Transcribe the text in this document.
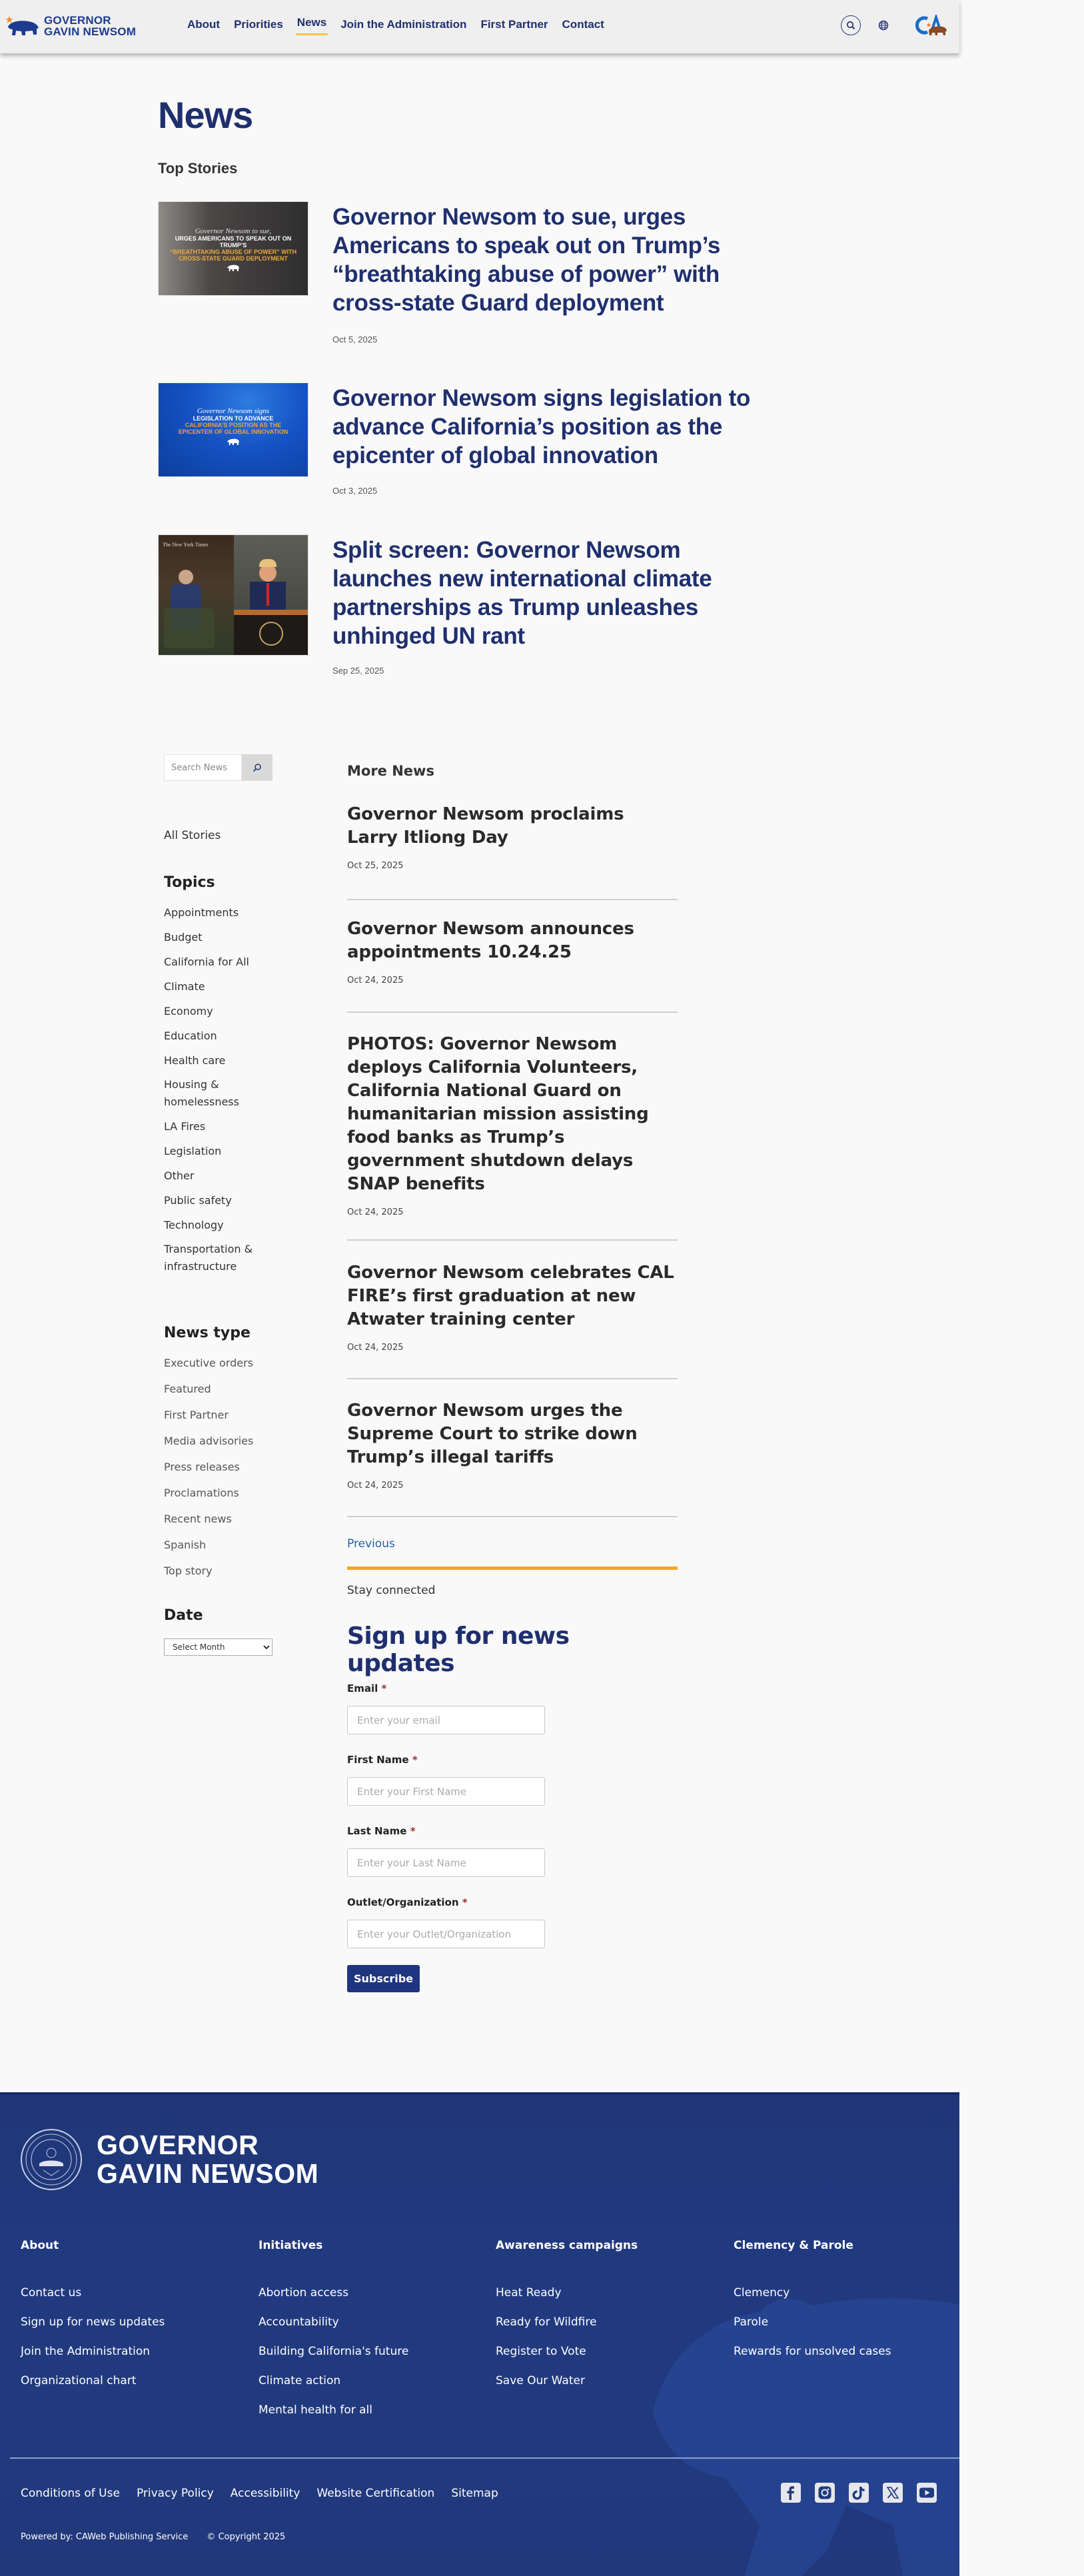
GOVERNOR
GAVIN NEWSOM
About Priorities News Join the Administration First Partner Contact
News
Top Stories
Governor Newsom to sue,
URGES AMERICANS TO SPEAK OUT ON TRUMP’S
“BREATHTAKING ABUSE OF POWER” WITH CROSS-STATE GUARD DEPLOYMENT
Governor Newsom to sue, urges Americans to speak out on Trump’s “breathtaking abuse of power” with cross-state Guard deployment
Oct 5, 2025
Governor Newsom signs
LEGISLATION TO ADVANCE
CALIFORNIA’S POSITION AS THE EPICENTER OF GLOBAL INNOVATION
Governor Newsom signs legislation to advance California’s position as the epicenter of global innovation
Oct 3, 2025
The New York Times	Split screen: Governor Newsom launches new international climate partnerships as Trump unleashes unhinged UN rant
Sep 25, 2025
Search News
All Stories
Topics
Appointments
Budget
California for All
Climate
Economy
Education
Health care
Housing & homelessness
LA Fires
Legislation
Other
Public safety
Technology
Transportation & infrastructure
News type
Executive orders
Featured
First Partner
Media advisories
Press releases
Proclamations
Recent news
Spanish
Top story
Date
Select Month
More News
Governor Newsom proclaims Larry Itliong Day
Oct 25, 2025
Governor Newsom announces appointments 10.24.25
Oct 24, 2025
PHOTOS: Governor Newsom deploys California Volunteers, California National Guard on humanitarian mission assisting food banks as Trump’s government shutdown delays SNAP benefits
Oct 24, 2025
Governor Newsom celebrates CAL FIRE’s first graduation at new Atwater training center
Oct 24, 2025
Governor Newsom urges the Supreme Court to strike down Trump’s illegal tariffs
Oct 24, 2025
Previous
Stay connected
Sign up for news updates
Email *
Enter your email
First Name *
Enter your First Name
Last Name *
Enter your Last Name
Outlet/Organization *
Enter your Outlet/Organization
Subscribe
GOVERNOR
GAVIN NEWSOM
About
Contact us
Sign up for news updates
Join the Administration
Organizational chart
Initiatives
Abortion access
Accountability
Building California's future
Climate action
Mental health for all
Awareness campaigns
Heat Ready
Ready for Wildfire
Register to Vote
Save Our Water
Clemency & Parole
Clemency
Parole
Rewards for unsolved cases
Conditions of Use Privacy Policy Accessibility Website Certification Sitemap
Powered by: CAWeb Publishing Service © Copyright 2025
